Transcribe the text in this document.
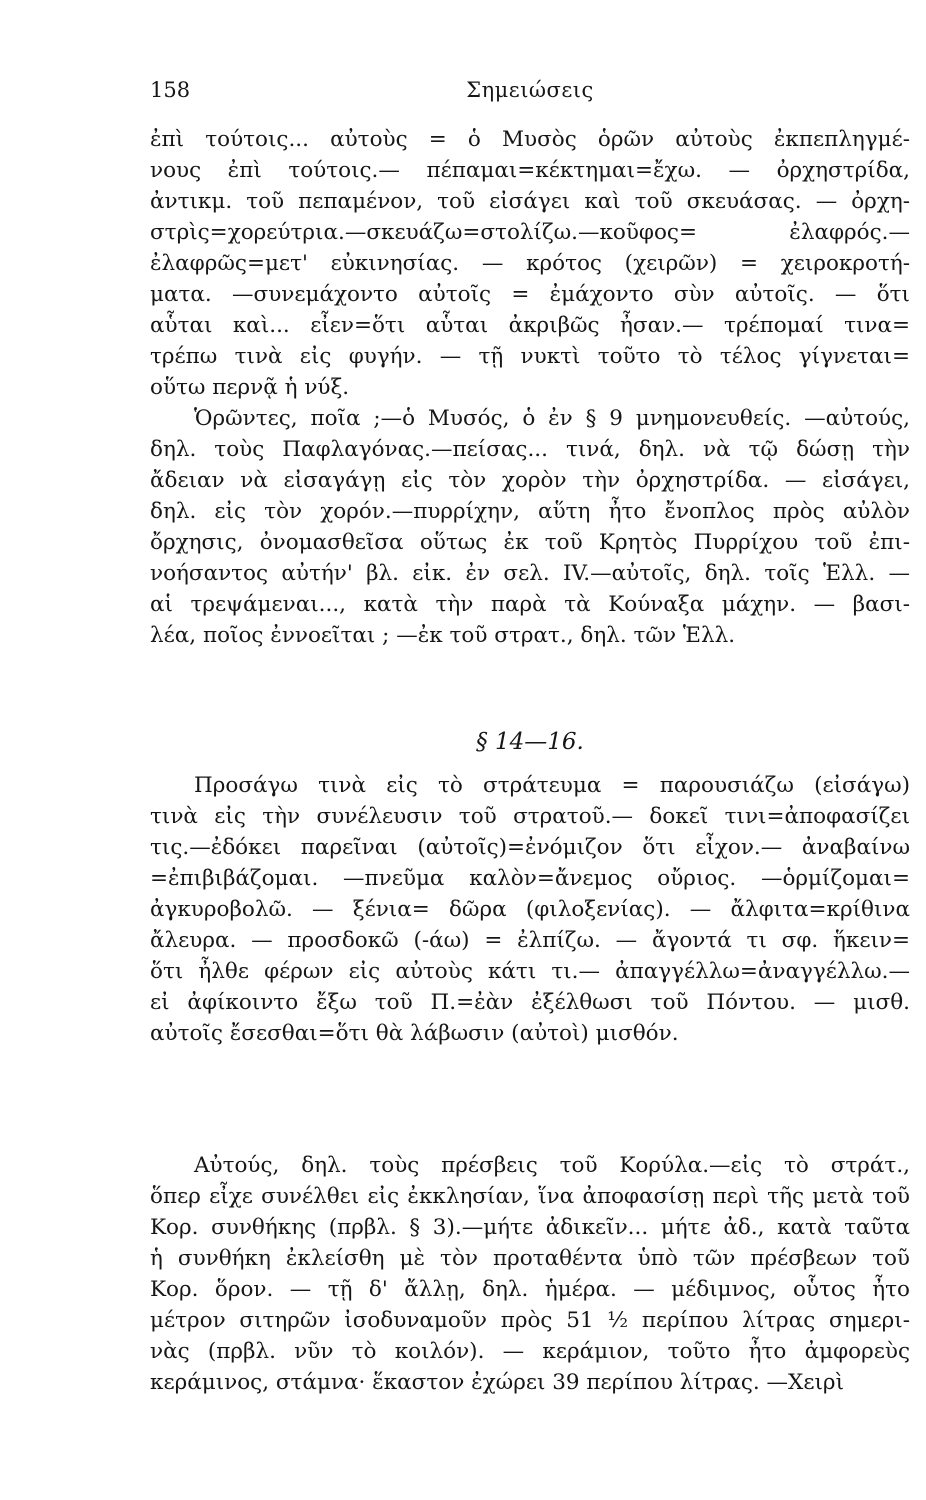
158	Σημειώσεις
ἐπὶ τούτοις... αὐτοὺς = ὁ Μυσὸς ὁρῶν αὐτοὺς ἐκπεπληγμέ-
νους ἐπὶ τούτοις.— πέπαμαι=κέκτημαι=ἔχω. — ὀρχηστρίδα,
ἀντικμ. τοῦ πεπαμένον, τοῦ εἰσάγει καὶ τοῦ σκευάσας. — ὀρχη-
στρὶς=χορεύτρια.—σκευάζω=στολίζω.—κοῦφος= ἐλαφρός.—
ἐλαφρῶς=μετ' εὐκινησίας. — κρότος (χειρῶν) = χειροκροτή-
ματα. —συνεμάχοντο αὐτοῖς = ἐμάχοντο σὺν αὐτοῖς. — ὅτι
αὗται καὶ... εἶεν=ὅτι αὗται ἀκριβῶς ἦσαν.— τρέπομαί τινα=
τρέπω τινὰ εἰς φυγήν. — τῇ νυκτὶ τοῦτο τὸ τέλος γίγνεται=
οὕτω περνᾷ ἡ νύξ.
Ὁρῶντες, ποῖα ;—ὁ Μυσός, ὁ ἐν § 9 μνημονευθείς. —αὐτούς,
δηλ. τοὺς Παφλαγόνας.—πείσας... τινά, δηλ. νὰ τῷ δώσῃ τὴν
ἄδειαν νὰ εἰσαγάγῃ εἰς τὸν χορὸν τὴν ὀρχηστρίδα. — εἰσάγει,
δηλ. εἰς τὸν χορόν.—πυρρίχην, αὕτη ἦτο ἔνοπλος πρὸς αὐλὸν
ὄρχησις, ὀνομασθεῖσα οὕτως ἐκ τοῦ Κρητὸς Πυρρίχου τοῦ ἐπι-
νοήσαντος αὐτήν' βλ. εἰκ. ἐν σελ. IV.—αὐτοῖς, δηλ. τοῖς Ἑλλ. —
αἱ τρεψάμεναι..., κατὰ τὴν παρὰ τὰ Κούναξα μάχην. — βασι-
λέα, ποῖος ἐννοεῖται ; —ἐκ τοῦ στρατ., δηλ. τῶν Ἑλλ.
§ 14—16.
Προσάγω τινὰ εἰς τὸ στράτευμα = παρουσιάζω (εἰσάγω)
τινὰ εἰς τὴν συνέλευσιν τοῦ στρατοῦ.— δοκεῖ τινι=ἀποφασίζει
τις.—ἐδόκει παρεῖναι (αὐτοῖς)=ἐνόμιζον ὅτι εἶχον.— ἀναβαίνω
=ἐπιβιβάζομαι. —πνεῦμα καλὸν=ἄνεμος οὔριος. —ὁρμίζομαι=
ἀγκυροβολῶ. — ξένια= δῶρα (φιλοξενίας). — ἄλφιτα=κρίθινα
ἄλευρα. — προσδοκῶ (-άω) = ἐλπίζω. — ἄγοντά τι σφ. ἥκειν=
ὅτι ἦλθε φέρων εἰς αὐτοὺς κάτι τι.— ἀπαγγέλλω=ἀναγγέλλω.—
εἰ ἀφίκοιντο ἔξω τοῦ Π.=ἐὰν ἐξέλθωσι τοῦ Πόντου. — μισθ.
αὐτοῖς ἔσεσθαι=ὅτι θὰ λάβωσιν (αὐτοὶ) μισθόν.
Αὐτούς, δηλ. τοὺς πρέσβεις τοῦ Κορύλα.—εἰς τὸ στράτ.,
ὅπερ εἶχε συνέλθει εἰς ἐκκλησίαν, ἵνα ἀποφασίσῃ περὶ τῆς μετὰ τοῦ
Κορ. συνθήκης (πρβλ. § 3).—μήτε ἀδικεῖν... μήτε ἀδ., κατὰ ταῦτα
ἡ συνθήκη ἐκλείσθη μὲ τὸν προταθέντα ὑπὸ τῶν πρέσβεων τοῦ
Κορ. ὅρον. — τῇ δ' ἄλλῃ, δηλ. ἡμέρα. — μέδιμνος, οὗτος ἦτο
μέτρον σιτηρῶν ἰσοδυναμοῦν πρὸς 51 ½ περίπου λίτρας σημερι-
νὰς (πρβλ. νῦν τὸ κοιλόν). — κεράμιον, τοῦτο ἦτο ἀμφορεὺς
κεράμινος, στάμνα· ἕκαστον ἐχώρει 39 περίπου λίτρας. —Χειρὶ
